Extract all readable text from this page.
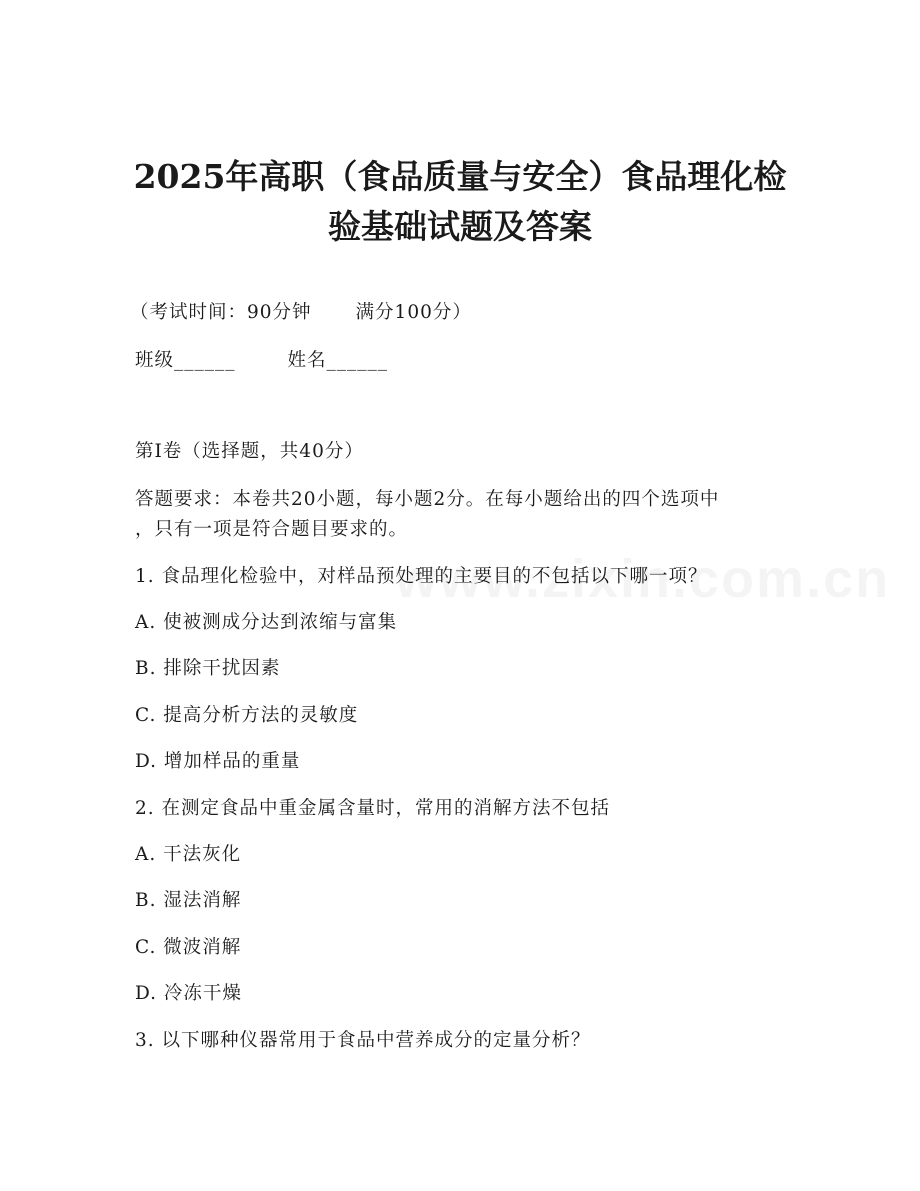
2025年高职（食品质量与安全）食品理化检
验基础试题及答案
（考试时间：90分钟 满分100分）
班级______	姓名______
第I卷（选择题，共40分）
答题要求：本卷共20小题，每小题2分。在每小题给出的四个选项中
，只有一项是符合题目要求的。
1. 食品理化检验中，对样品预处理的主要目的不包括以下哪一项？
A. 使被测成分达到浓缩与富集
B. 排除干扰因素
C. 提高分析方法的灵敏度
D. 增加样品的重量
2. 在测定食品中重金属含量时，常用的消解方法不包括
A. 干法灰化
B. 湿法消解
C. 微波消解
D. 冷冻干燥
3. 以下哪种仪器常用于食品中营养成分的定量分析？
